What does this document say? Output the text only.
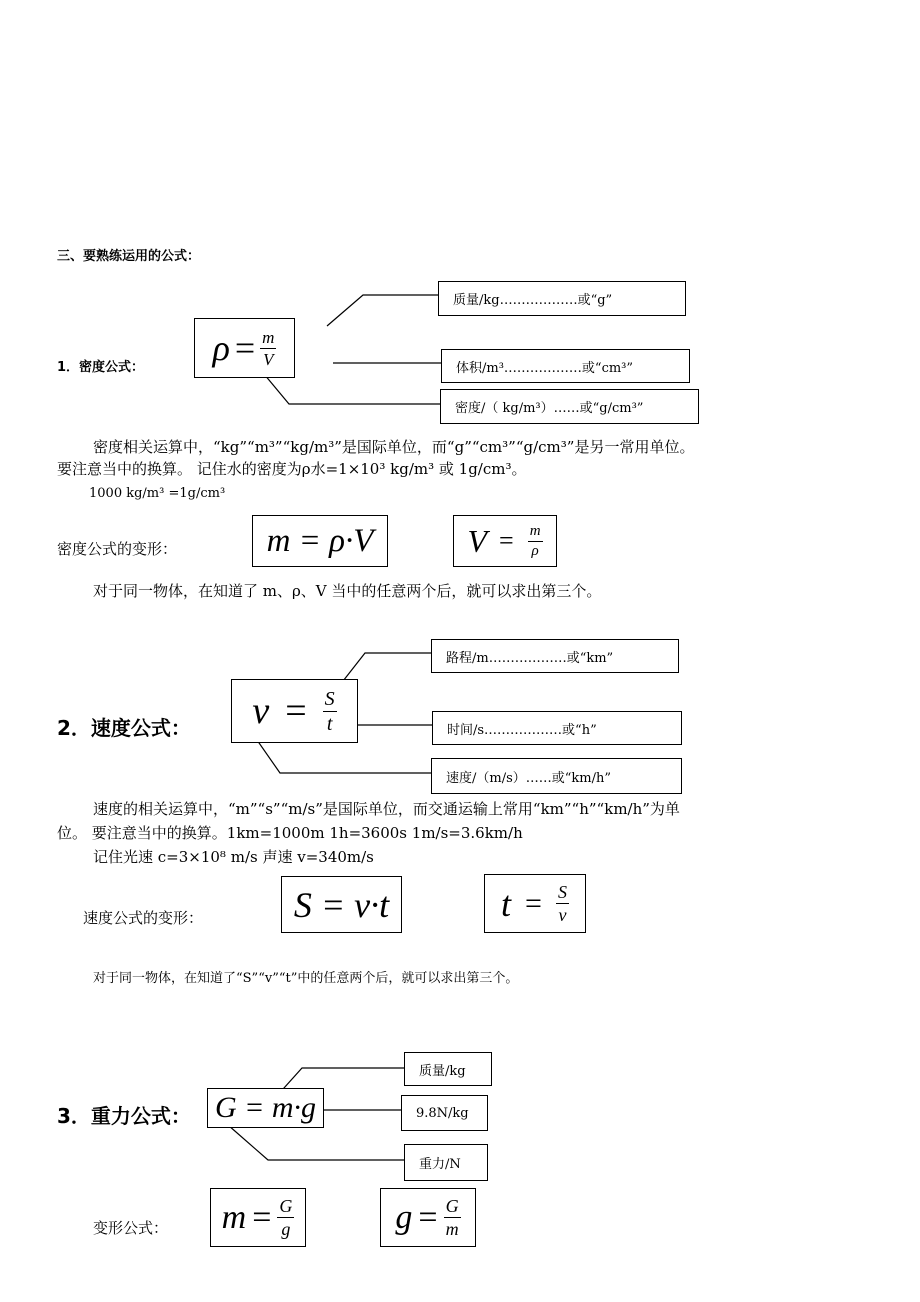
三、要熟练运用的公式：
1．密度公式： $\rho = \frac{m}{V}$
质量/kg………………或“g”
体积/m³………………或“cm³”
密度/（ kg/m³）……或“g/cm³”
密度相关运算中，“kg”“m³”“kg/m³”是国际单位，而“g”“cm³”“g/cm³”是另一常用单位。
要注意当中的换算。 记住水的密度为ρ水=1×10³ kg/m³ 或 1g/cm³。
1000 kg/m³ =1g/cm³
密度公式的变形：	m = ρ·V	$V = \frac{m}{\rho}$
对于同一物体，在知道了 m、ρ、V 当中的任意两个后，就可以求出第三个。
2．速度公式： $v = \frac{S}{t}$
路程/m………………或“km”
时间/s………………或“h”
速度/（m/s）……或“km/h”
速度的相关运算中，“m”“s”“m/s”是国际单位，而交通运输上常用“km”“h”“km/h”为单
位。 要注意当中的换算。1km=1000m 1h=3600s 1m/s=3.6km/h
记住光速 c=3×10⁸ m/s 声速 v=340m/s
速度公式的变形：	S = v·t	$t = \frac{S}{v}$
对于同一物体，在知道了“S”“v”“t”中的任意两个后，就可以求出第三个。
3．重力公式： G = m·g
质量/kg
9.8N/kg
重力/N
变形公式： $m = \frac{G}{g}$	$g = \frac{G}{m}$
